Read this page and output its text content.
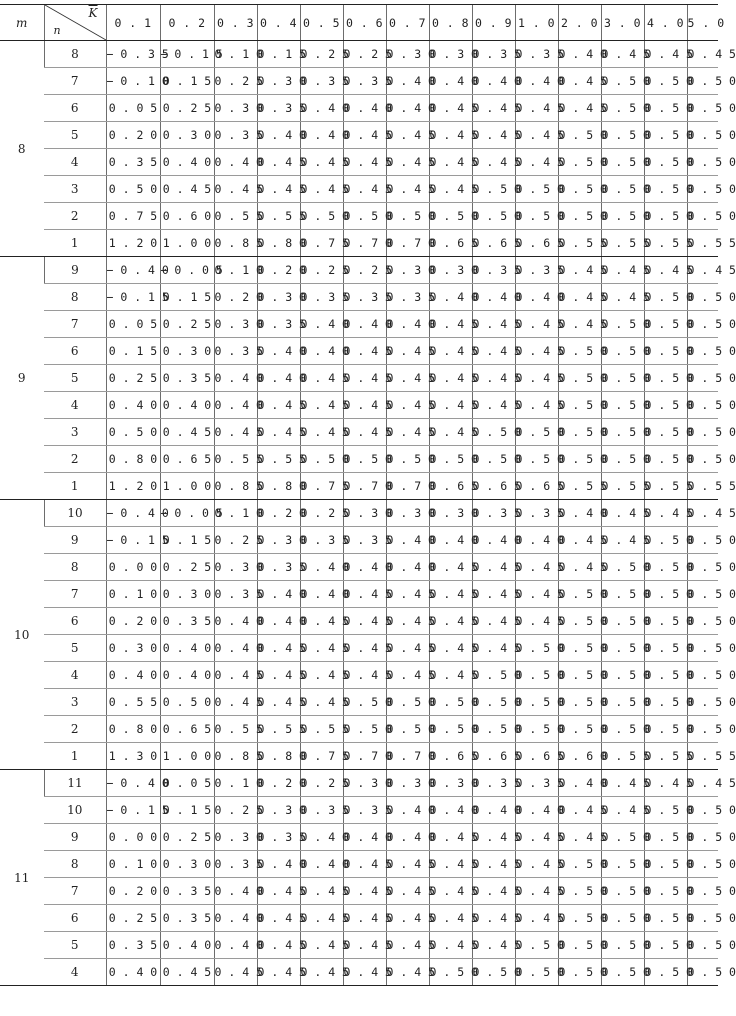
m	$\overline{K}$
n	0 . 1	0 . 2	0 . 3	0 . 4	0 . 5	0 . 6	0 . 7	0 . 8	0 . 9	1 . 0	2 . 0	3 . 0	4 . 0	5 . 0
8	8	− 0 . 3 5	− 0 . 1 5	0 . 1 0	0 . 1 5	0 . 2 5	0 . 2 5	0 . 3 0	0 . 3 0	0 . 3 5	0 . 3 5	0 . 4 0	0 . 4 5	0 . 4 5	0 . 4 5
	7	− 0 . 1 0	0 . 1 5	0 . 2 5	0 . 3 0	0 . 3 5	0 . 3 5	0 . 4 0	0 . 4 0	0 . 4 0	0 . 4 0	0 . 4 5	0 . 5 0	0 . 5 0	0 . 5 0
	6	0 . 0 5	0 . 2 5	0 . 3 0	0 . 3 5	0 . 4 0	0 . 4 0	0 . 4 0	0 . 4 5	0 . 4 5	0 . 4 5	0 . 4 5	0 . 5 0	0 . 5 0	0 . 5 0
	5	0 . 2 0	0 . 3 0	0 . 3 5	0 . 4 0	0 . 4 0	0 . 4 5	0 . 4 5	0 . 4 5	0 . 4 5	0 . 4 5	0 . 5 0	0 . 5 0	0 . 5 0	0 . 5 0
	4	0 . 3 5	0 . 4 0	0 . 4 0	0 . 4 5	0 . 4 5	0 . 4 5	0 . 4 5	0 . 4 5	0 . 4 5	0 . 4 5	0 . 5 0	0 . 5 0	0 . 5 0	0 . 5 0
	3	0 . 5 0	0 . 4 5	0 . 4 5	0 . 4 5	0 . 4 5	0 . 4 5	0 . 4 5	0 . 4 5	0 . 5 0	0 . 5 0	0 . 5 0	0 . 5 0	0 . 5 0	0 . 5 0
	2	0 . 7 5	0 . 6 0	0 . 5 5	0 . 5 5	0 . 5 0	0 . 5 0	0 . 5 0	0 . 5 0	0 . 5 0	0 . 5 0	0 . 5 0	0 . 5 0	0 . 5 0	0 . 5 0
	1	1 . 2 0	1 . 0 0	0 . 8 5	0 . 8 0	0 . 7 5	0 . 7 0	0 . 7 0	0 . 6 5	0 . 6 5	0 . 6 5	0 . 5 5	0 . 5 5	0 . 5 5	0 . 5 5
9	9	− 0 . 4 0	− 0 . 0 5	0 . 1 0	0 . 2 0	0 . 2 5	0 . 2 5	0 . 3 0	0 . 3 0	0 . 3 5	0 . 3 5	0 . 4 5	0 . 4 5	0 . 4 5	0 . 4 5
	8	− 0 . 1 5	0 . 1 5	0 . 2 0	0 . 3 0	0 . 3 5	0 . 3 5	0 . 3 5	0 . 4 0	0 . 4 0	0 . 4 0	0 . 4 5	0 . 4 5	0 . 5 0	0 . 5 0
	7	0 . 0 5	0 . 2 5	0 . 3 0	0 . 3 5	0 . 4 0	0 . 4 0	0 . 4 0	0 . 4 5	0 . 4 5	0 . 4 5	0 . 4 5	0 . 5 0	0 . 5 0	0 . 5 0
	6	0 . 1 5	0 . 3 0	0 . 3 5	0 . 4 0	0 . 4 0	0 . 4 5	0 . 4 5	0 . 4 5	0 . 4 5	0 . 4 5	0 . 5 0	0 . 5 0	0 . 5 0	0 . 5 0
	5	0 . 2 5	0 . 3 5	0 . 4 0	0 . 4 0	0 . 4 5	0 . 4 5	0 . 4 5	0 . 4 5	0 . 4 5	0 . 4 5	0 . 5 0	0 . 5 0	0 . 5 0	0 . 5 0
	4	0 . 4 0	0 . 4 0	0 . 4 0	0 . 4 5	0 . 4 5	0 . 4 5	0 . 4 5	0 . 4 5	0 . 4 5	0 . 4 5	0 . 5 0	0 . 5 0	0 . 5 0	0 . 5 0
	3	0 . 5 0	0 . 4 5	0 . 4 5	0 . 4 5	0 . 4 5	0 . 4 5	0 . 4 5	0 . 4 5	0 . 5 0	0 . 5 0	0 . 5 0	0 . 5 0	0 . 5 0	0 . 5 0
	2	0 . 8 0	0 . 6 5	0 . 5 5	0 . 5 5	0 . 5 0	0 . 5 0	0 . 5 0	0 . 5 0	0 . 5 0	0 . 5 0	0 . 5 0	0 . 5 0	0 . 5 0	0 . 5 0
	1	1 . 2 0	1 . 0 0	0 . 8 5	0 . 8 0	0 . 7 5	0 . 7 0	0 . 7 0	0 . 6 5	0 . 6 5	0 . 6 5	0 . 5 5	0 . 5 5	0 . 5 5	0 . 5 5
10	10	− 0 . 4 0	− 0 . 0 5	0 . 1 0	0 . 2 0	0 . 2 5	0 . 3 0	0 . 3 0	0 . 3 0	0 . 3 5	0 . 3 5	0 . 4 0	0 . 4 5	0 . 4 5	0 . 4 5
	9	− 0 . 1 5	0 . 1 5	0 . 2 5	0 . 3 0	0 . 3 5	0 . 3 5	0 . 4 0	0 . 4 0	0 . 4 0	0 . 4 0	0 . 4 5	0 . 4 5	0 . 5 0	0 . 5 0
	8	0 . 0 0	0 . 2 5	0 . 3 0	0 . 3 5	0 . 4 0	0 . 4 0	0 . 4 0	0 . 4 5	0 . 4 5	0 . 4 5	0 . 4 5	0 . 5 0	0 . 5 0	0 . 5 0
	7	0 . 1 0	0 . 3 0	0 . 3 5	0 . 4 0	0 . 4 0	0 . 4 5	0 . 4 5	0 . 4 5	0 . 4 5	0 . 4 5	0 . 5 0	0 . 5 0	0 . 5 0	0 . 5 0
	6	0 . 2 0	0 . 3 5	0 . 4 0	0 . 4 0	0 . 4 5	0 . 4 5	0 . 4 5	0 . 4 5	0 . 4 5	0 . 4 5	0 . 5 0	0 . 5 0	0 . 5 0	0 . 5 0
	5	0 . 3 0	0 . 4 0	0 . 4 0	0 . 4 5	0 . 4 5	0 . 4 5	0 . 4 5	0 . 4 5	0 . 4 5	0 . 5 0	0 . 5 0	0 . 5 0	0 . 5 0	0 . 5 0
	4	0 . 4 0	0 . 4 0	0 . 4 5	0 . 4 5	0 . 4 5	0 . 4 5	0 . 4 5	0 . 4 5	0 . 5 0	0 . 5 0	0 . 5 0	0 . 5 0	0 . 5 0	0 . 5 0
	3	0 . 5 5	0 . 5 0	0 . 4 5	0 . 4 5	0 . 4 5	0 . 5 0	0 . 5 0	0 . 5 0	0 . 5 0	0 . 5 0	0 . 5 0	0 . 5 0	0 . 5 0	0 . 5 0
	2	0 . 8 0	0 . 6 5	0 . 5 5	0 . 5 5	0 . 5 5	0 . 5 0	0 . 5 0	0 . 5 0	0 . 5 0	0 . 5 0	0 . 5 0	0 . 5 0	0 . 5 0	0 . 5 0
	1	1 . 3 0	1 . 0 0	0 . 8 5	0 . 8 0	0 . 7 5	0 . 7 0	0 . 7 0	0 . 6 5	0 . 6 5	0 . 6 5	0 . 6 0	0 . 5 5	0 . 5 5	0 . 5 5
11	11	− 0 . 4 0	0 . 0 5	0 . 1 0	0 . 2 0	0 . 2 5	0 . 3 0	0 . 3 0	0 . 3 0	0 . 3 5	0 . 3 5	0 . 4 0	0 . 4 5	0 . 4 5	0 . 4 5
	10	− 0 . 1 5	0 . 1 5	0 . 2 5	0 . 3 0	0 . 3 5	0 . 3 5	0 . 4 0	0 . 4 0	0 . 4 0	0 . 4 0	0 . 4 5	0 . 4 5	0 . 5 0	0 . 5 0
	9	0 . 0 0	0 . 2 5	0 . 3 0	0 . 3 5	0 . 4 0	0 . 4 0	0 . 4 0	0 . 4 5	0 . 4 5	0 . 4 5	0 . 4 5	0 . 5 0	0 . 5 0	0 . 5 0
	8	0 . 1 0	0 . 3 0	0 . 3 5	0 . 4 0	0 . 4 0	0 . 4 5	0 . 4 5	0 . 4 5	0 . 4 5	0 . 4 5	0 . 5 0	0 . 5 0	0 . 5 0	0 . 5 0
	7	0 . 2 0	0 . 3 5	0 . 4 0	0 . 4 5	0 . 4 5	0 . 4 5	0 . 4 5	0 . 4 5	0 . 4 5	0 . 4 5	0 . 5 0	0 . 5 0	0 . 5 0	0 . 5 0
	6	0 . 2 5	0 . 3 5	0 . 4 0	0 . 4 5	0 . 4 5	0 . 4 5	0 . 4 5	0 . 4 5	0 . 4 5	0 . 4 5	0 . 5 0	0 . 5 0	0 . 5 0	0 . 5 0
	5	0 . 3 5	0 . 4 0	0 . 4 0	0 . 4 5	0 . 4 5	0 . 4 5	0 . 4 5	0 . 4 5	0 . 4 5	0 . 5 0	0 . 5 0	0 . 5 0	0 . 5 0	0 . 5 0
	4	0 . 4 0	0 . 4 5	0 . 4 5	0 . 4 5	0 . 4 5	0 . 4 5	0 . 4 5	0 . 5 0	0 . 5 0	0 . 5 0	0 . 5 0	0 . 5 0	0 . 5 0	0 . 5 0
